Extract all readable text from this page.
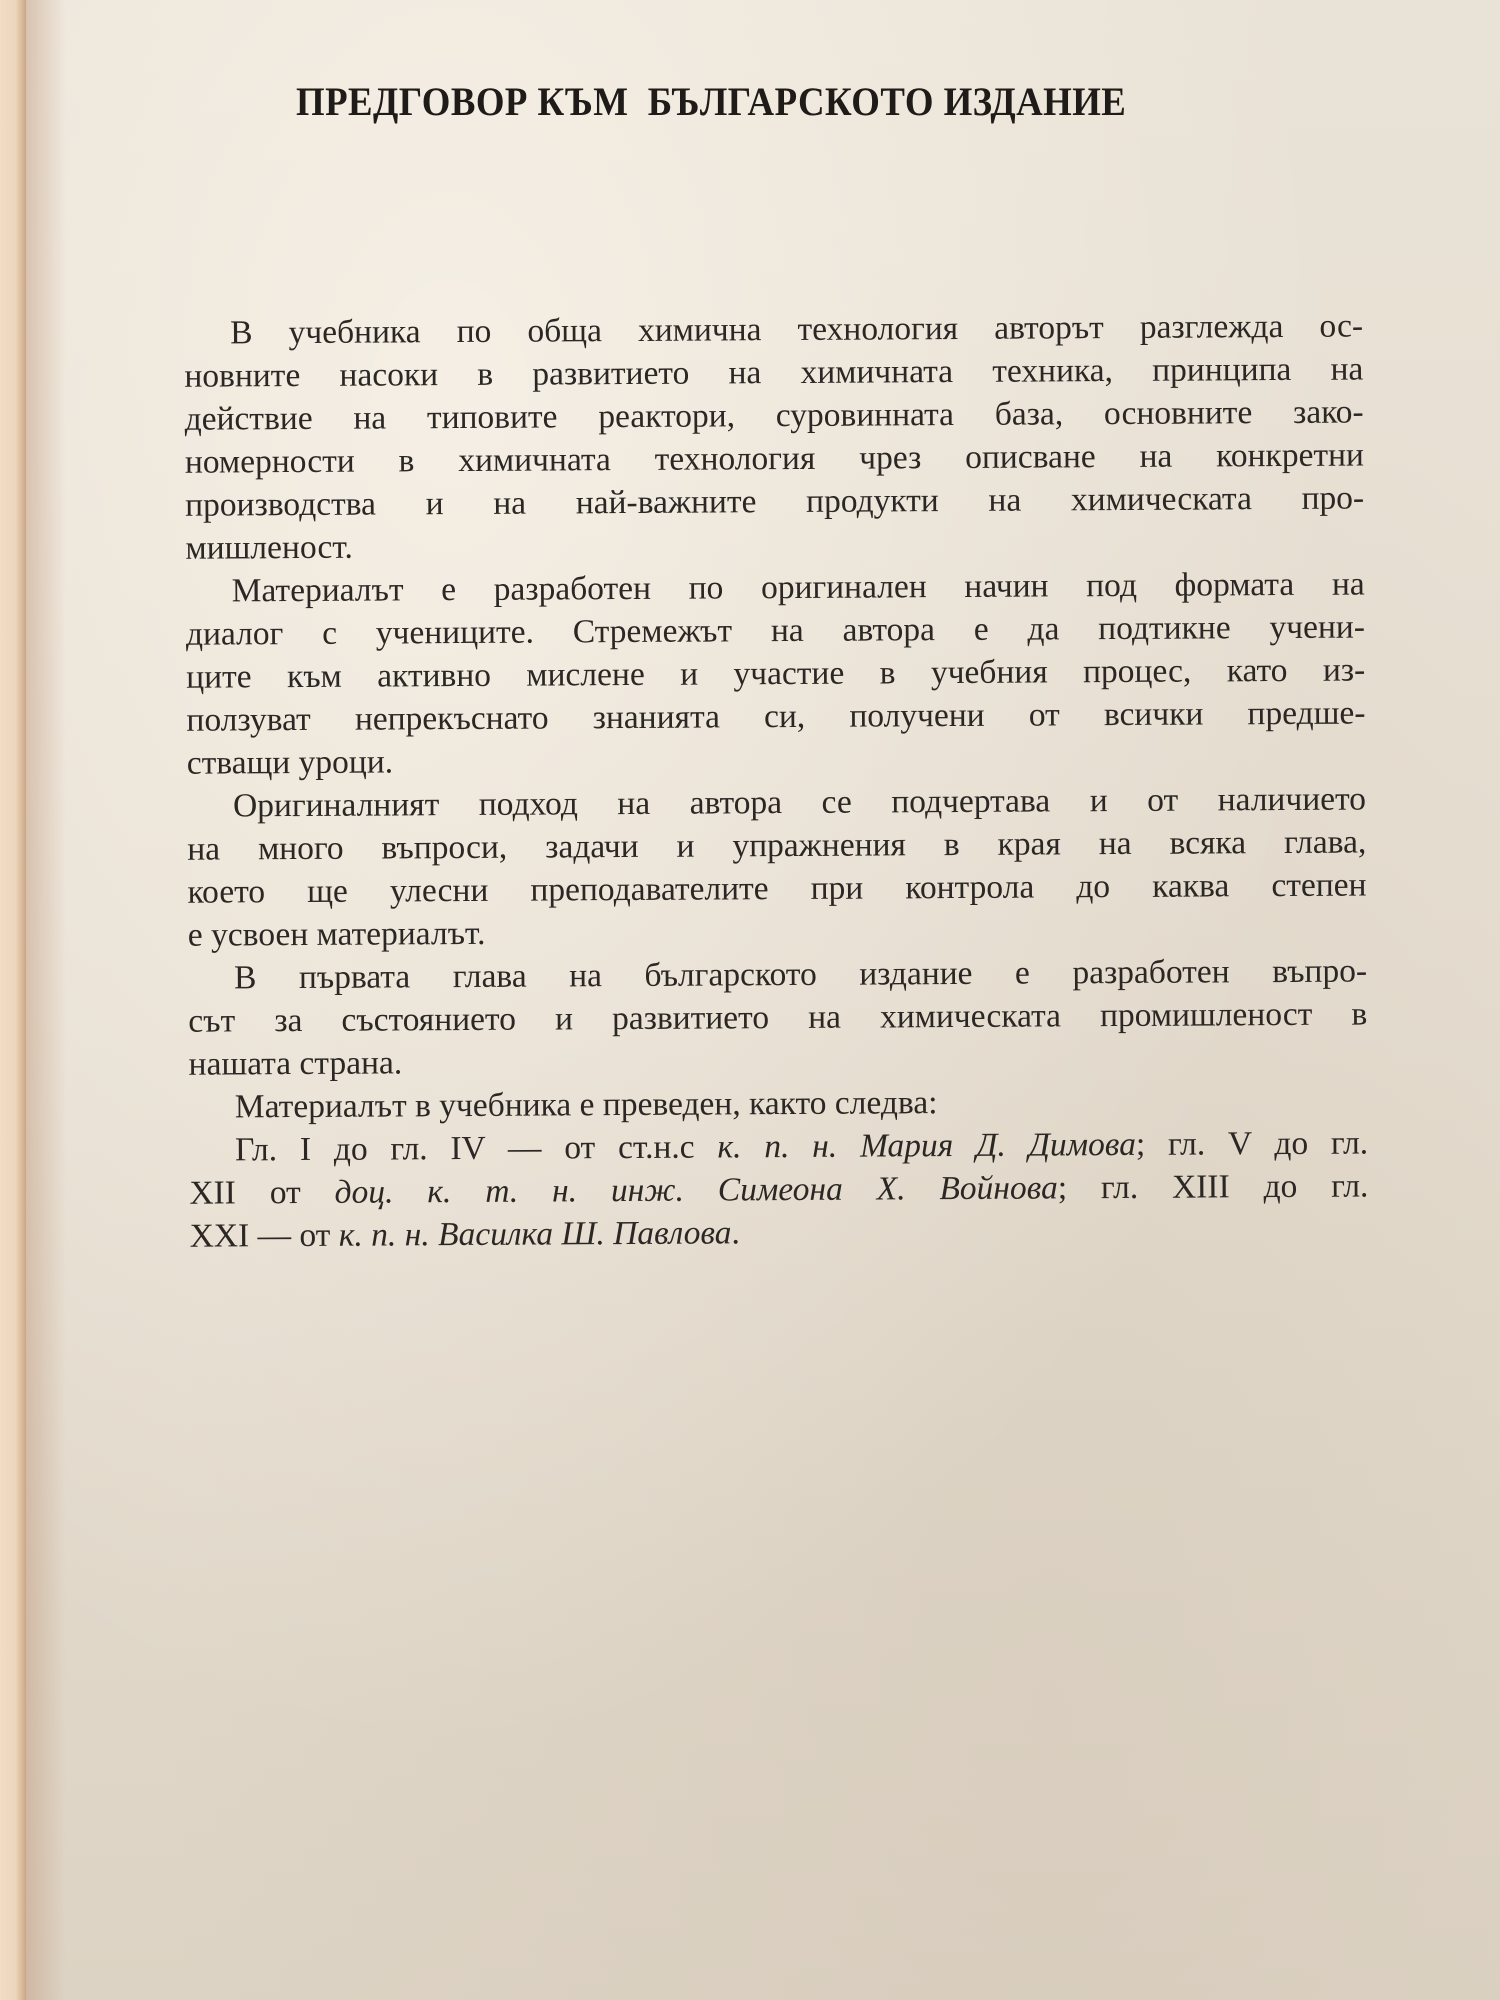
ПРЕДГОВОР КЪМ  БЪЛГАРСКОТО ИЗДАНИЕ
В учебника по обща химична технология авторът разглежда ос-
новните насоки в развитието на химичната техника, принципа на
действие на типовите реактори, суровинната база, основните зако-
номерности в химичната технология чрез описване на конкретни
производства и на най-важните продукти на химическата про-
мишленост.
Материалът е разработен по оригинален начин под формата на
диалог с учениците. Стремежът на автора е да подтикне учени-
ците към активно мислене и участие в учебния процес, като из-
ползуват непрекъснато знанията си, получени от всички предше-
стващи уроци.
Оригиналният подход на автора се подчертава и от наличието
на много въпроси, задачи и упражнения в края на всяка глава,
което ще улесни преподавателите при контрола до каква степен
е усвоен материалът.
В първата глава на българското издание е разработен въпро-
сът за състоянието и развитието на химическата промишленост в
нашата страна.
Материалът в учебника е преведен, както следва:
Гл. I до гл. IV — от ст.н.с к. п. н. Мария Д. Димова; гл. V до гл.
XII от доц. к. т. н. инж. Симеона Х. Войнова; гл. XIII до гл.
XXI — от к. п. н. Василка Ш. Павлова.
